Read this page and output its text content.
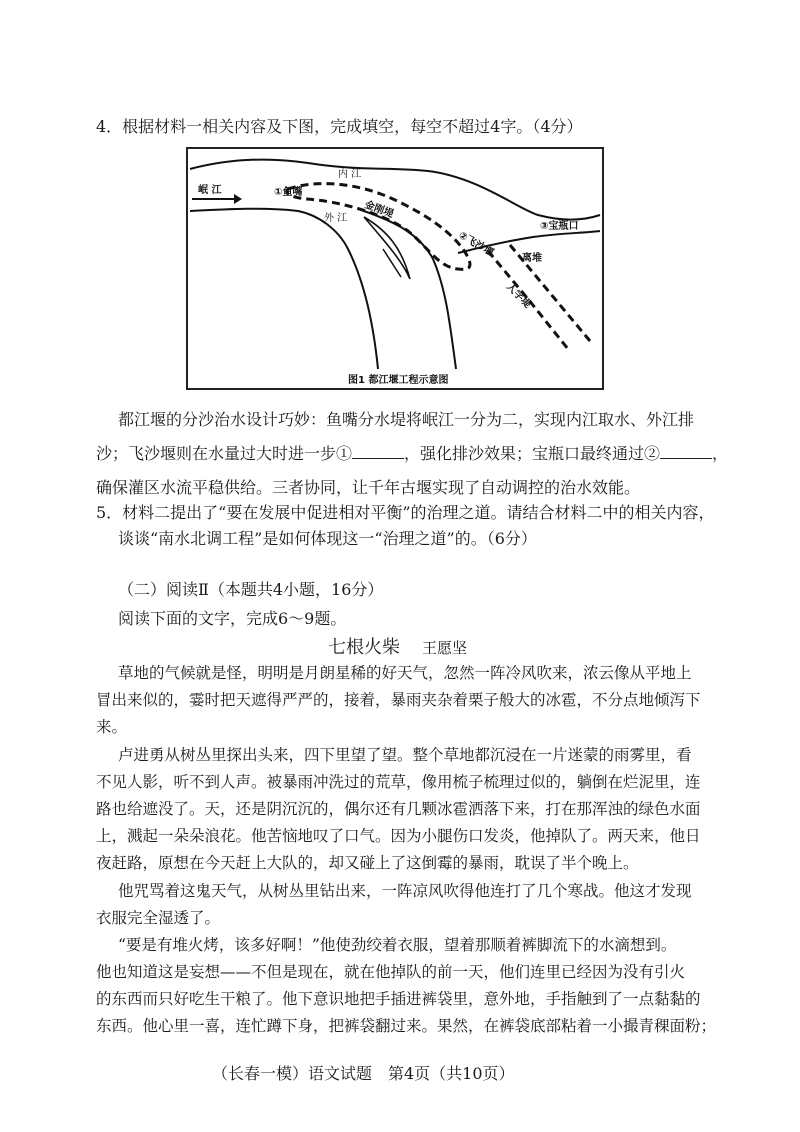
4．根据材料一相关内容及下图，完成填空，每空不超过4字。（4分）
岷 江
内 江
外 江
①鱼嘴
金刚堤
②飞沙堰
③宝瓶口
离堆
人字堤
图1 都江堰工程示意图
都江堰的分沙治水设计巧妙：鱼嘴分水堤将岷江一分为二，实现内江取水、外江排
沙；飞沙堰则在水量过大时进一步①	，强化排沙效果；宝瓶口最终通过②	，
确保灌区水流平稳供给。三者协同，让千年古堰实现了自动调控的治水效能。
5．材料二提出了“要在发展中促进相对平衡”的治理之道。请结合材料二中的相关内容，
谈谈“南水北调工程”是如何体现这一“治理之道”的。（6分）
（二）阅读Ⅱ（本题共4小题，16分）
阅读下面的文字，完成6～9题。
七根火柴 王愿坚
草地的气候就是怪，明明是月朗星稀的好天气，忽然一阵冷风吹来，浓云像从平地上
冒出来似的，霎时把天遮得严严的，接着，暴雨夹杂着栗子般大的冰雹，不分点地倾泻下
来。
卢进勇从树丛里探出头来，四下里望了望。整个草地都沉浸在一片迷蒙的雨雾里，看
不见人影，听不到人声。被暴雨冲洗过的荒草，像用梳子梳理过似的，躺倒在烂泥里，连
路也给遮没了。天，还是阴沉沉的，偶尔还有几颗冰雹洒落下来，打在那浑浊的绿色水面
上，溅起一朵朵浪花。他苦恼地叹了口气。因为小腿伤口发炎，他掉队了。两天来，他日
夜赶路，原想在今天赶上大队的，却又碰上了这倒霉的暴雨，耽误了半个晚上。
他咒骂着这鬼天气，从树丛里钻出来，一阵凉风吹得他连打了几个寒战。他这才发现
衣服完全湿透了。
“要是有堆火烤，该多好啊！”他使劲绞着衣服，望着那顺着裤脚流下的水滴想到。
他也知道这是妄想——不但是现在，就在他掉队的前一天，他们连里已经因为没有引火
的东西而只好吃生干粮了。他下意识地把手插进裤袋里，意外地，手指触到了一点黏黏的
东西。他心里一喜，连忙蹲下身，把裤袋翻过来。果然，在裤袋底部粘着一小撮青稞面粉；
（长春一模）语文试题　第4页（共10页）
